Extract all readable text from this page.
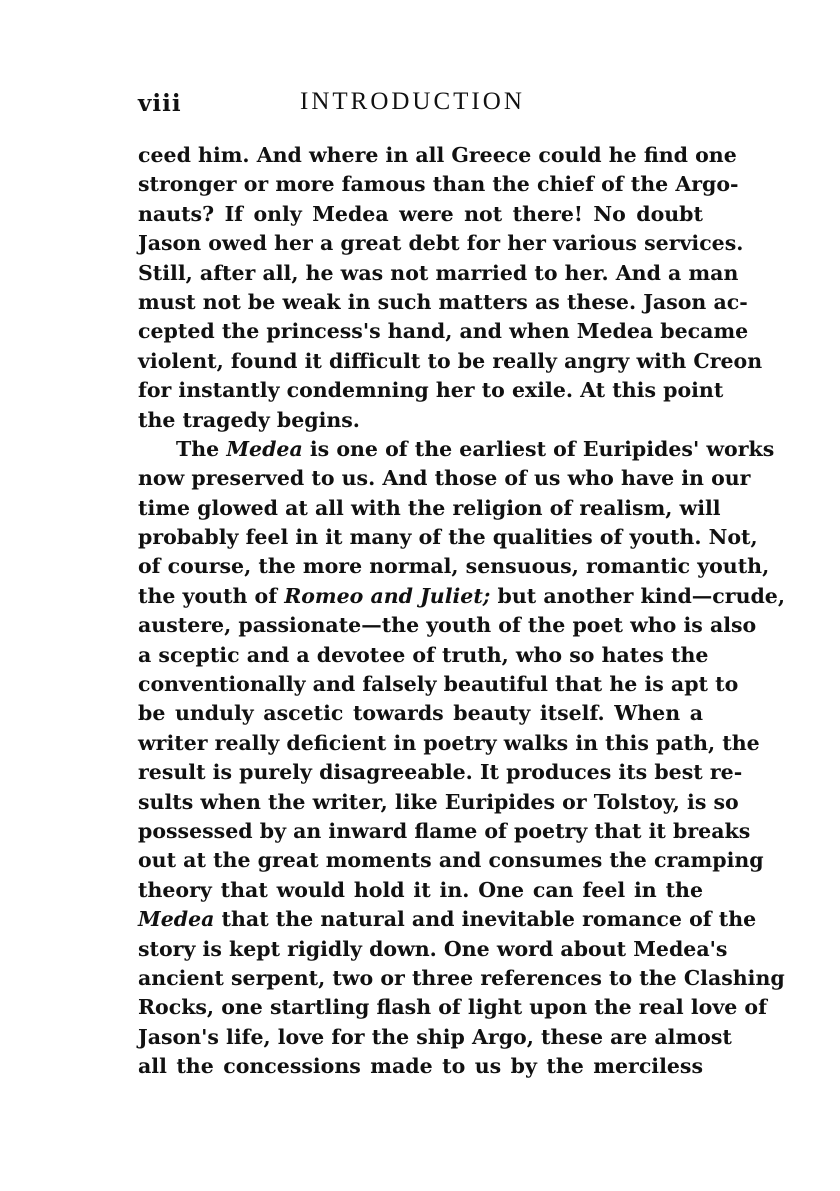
viii	INTRODUCTION
ceed him. And where in all Greece could he find one
stronger or more famous than the chief of the Argo-
nauts? If only Medea were not there! No doubt
Jason owed her a great debt for her various services.
Still, after all, he was not married to her. And a man
must not be weak in such matters as these. Jason ac-
cepted the princess's hand, and when Medea became
violent, found it difficult to be really angry with Creon
for instantly condemning her to exile. At this point
the tragedy begins.
The Medea is one of the earliest of Euripides' works
now preserved to us. And those of us who have in our
time glowed at all with the religion of realism, will
probably feel in it many of the qualities of youth. Not,
of course, the more normal, sensuous, romantic youth,
the youth of Romeo and Juliet; but another kind—crude,
austere, passionate—the youth of the poet who is also
a sceptic and a devotee of truth, who so hates the
conventionally and falsely beautiful that he is apt to
be unduly ascetic towards beauty itself. When a
writer really deficient in poetry walks in this path, the
result is purely disagreeable. It produces its best re-
sults when the writer, like Euripides or Tolstoy, is so
possessed by an inward flame of poetry that it breaks
out at the great moments and consumes the cramping
theory that would hold it in. One can feel in the
Medea that the natural and inevitable romance of the
story is kept rigidly down. One word about Medea's
ancient serpent, two or three references to the Clashing
Rocks, one startling flash of light upon the real love of
Jason's life, love for the ship Argo, these are almost
all the concessions made to us by the merciless
